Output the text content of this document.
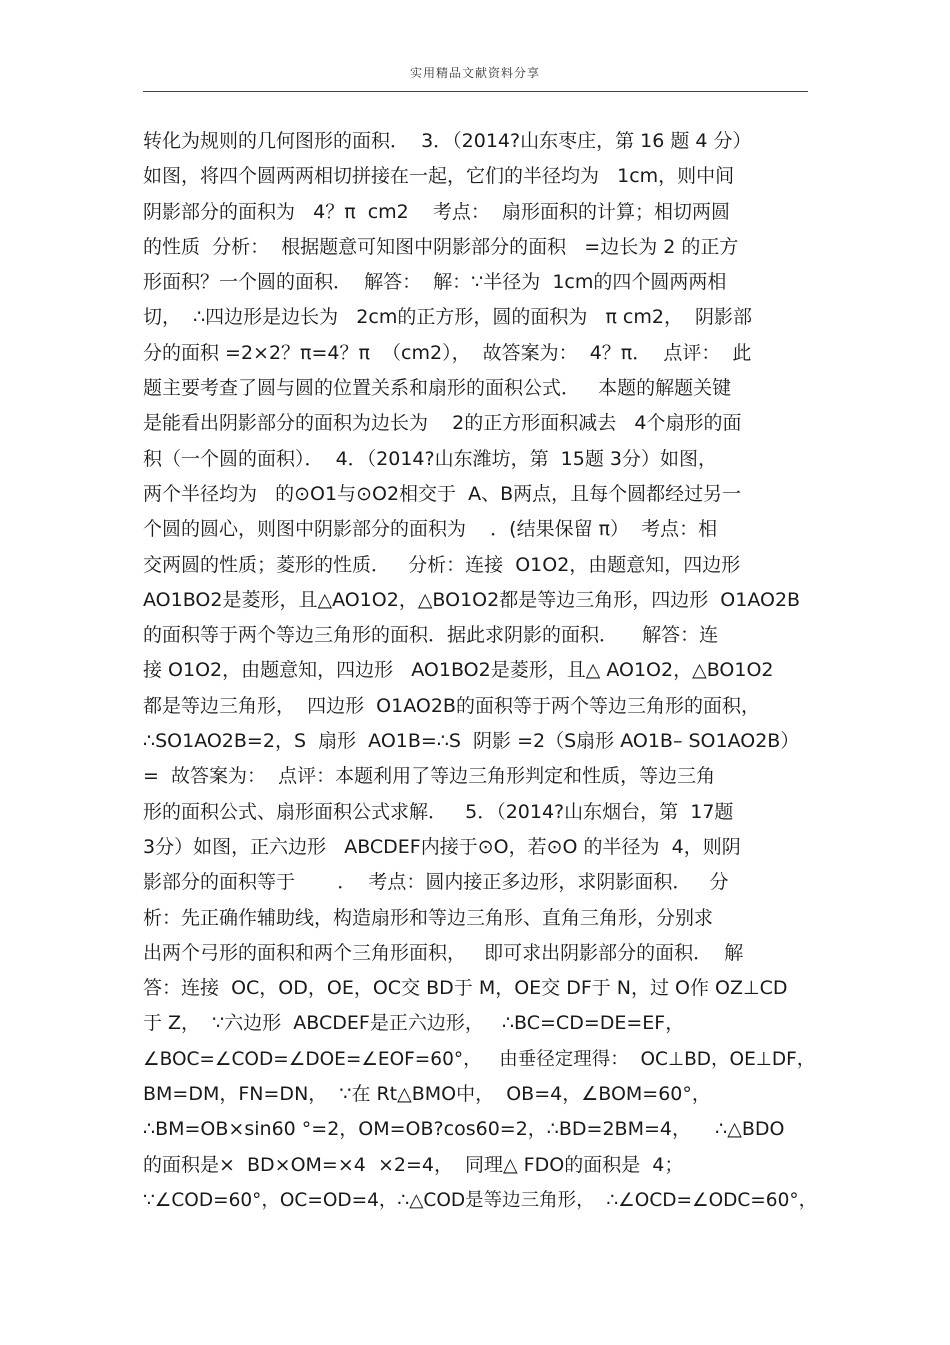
实用精品文献资料分享
转化为规则的几何图形的面积．  3．（2014?山东枣庄，第 16 题 4 分）
如图，将四个圆两两相切拼接在一起，它们的半径均为   1cm，则中间
阴影部分的面积为   4？π  cm2    考点：  扇形面积的计算；相切两圆
的性质  分析：  根据题意可知图中阴影部分的面积   =边长为 2 的正方
形面积？一个圆的面积．  解答：  解：∵半径为  1cm的四个圆两两相
切，  ∴四边形是边长为   2cm的正方形，圆的面积为   π cm2，  阴影部
分的面积 =2×2？π=4？π  （cm2），  故答案为：  4？π．  点评：  此
题主要考查了圆与圆的位置关系和扇形的面积公式．   本题的解题关键
是能看出阴影部分的面积为边长为    2的正方形面积减去   4个扇形的面
积（一个圆的面积）．  4．（2014?山东潍坊，第  15题 3分）如图，
两个半径均为   的⊙O1与⊙O2相交于  A、B两点，且每个圆都经过另一
个圆的圆心，则图中阴影部分的面积为    ．(结果保留 π）  考点：相
交两圆的性质；菱形的性质．   分析：连接  O1O2，由题意知，四边形
AO1BO2是菱形，且△AO1O2，△BO1O2都是等边三角形，四边形  O1AO2B
的面积等于两个等边三角形的面积．据此求阴影的面积．    解答：连
接 O1O2，由题意知，四边形   AO1BO2是菱形，且△ AO1O2，△BO1O2
都是等边三角形，  四边形  O1AO2B的面积等于两个等边三角形的面积，
∴SO1AO2B=2，S  扇形  AO1B=∴S  阴影 =2（S扇形 AO1B– SO1AO2B）
=  故答案为：  点评：本题利用了等边三角形判定和性质，等边三角
形的面积公式、扇形面积公式求解．   5．（2014?山东烟台，第  17题
3分）如图，正六边形   ABCDEF内接于⊙O，若⊙O 的半径为  4，则阴
影部分的面积等于       ．  考点：圆内接正多边形，求阴影面积．   分
析：先正确作辅助线，构造扇形和等边三角形、直角三角形，分别求
出两个弓形的面积和两个三角形面积，   即可求出阴影部分的面积．  解
答：连接  OC，OD，OE，OC交 BD于 M，OE交 DF于 N，过 O作 OZ⊥CD
于 Z，  ∵六边形  ABCDEF是正六边形，   ∴BC=CD=DE=EF，
∠BOC=∠COD=∠DOE=∠EOF=60°，   由垂径定理得：  OC⊥BD，OE⊥DF，
BM=DM，FN=DN，  ∵在 Rt△BMO中，  OB=4，∠BOM=60°，
∴BM=OB×sin60 °=2，OM=OB?cos60=2，∴BD=2BM=4，    ∴△BDO
的面积是×  BD×OM=×4  ×2=4，  同理△ FDO的面积是  4；
∵∠COD=60°，OC=OD=4，∴△COD是等边三角形，  ∴∠OCD=∠ODC=60°，
